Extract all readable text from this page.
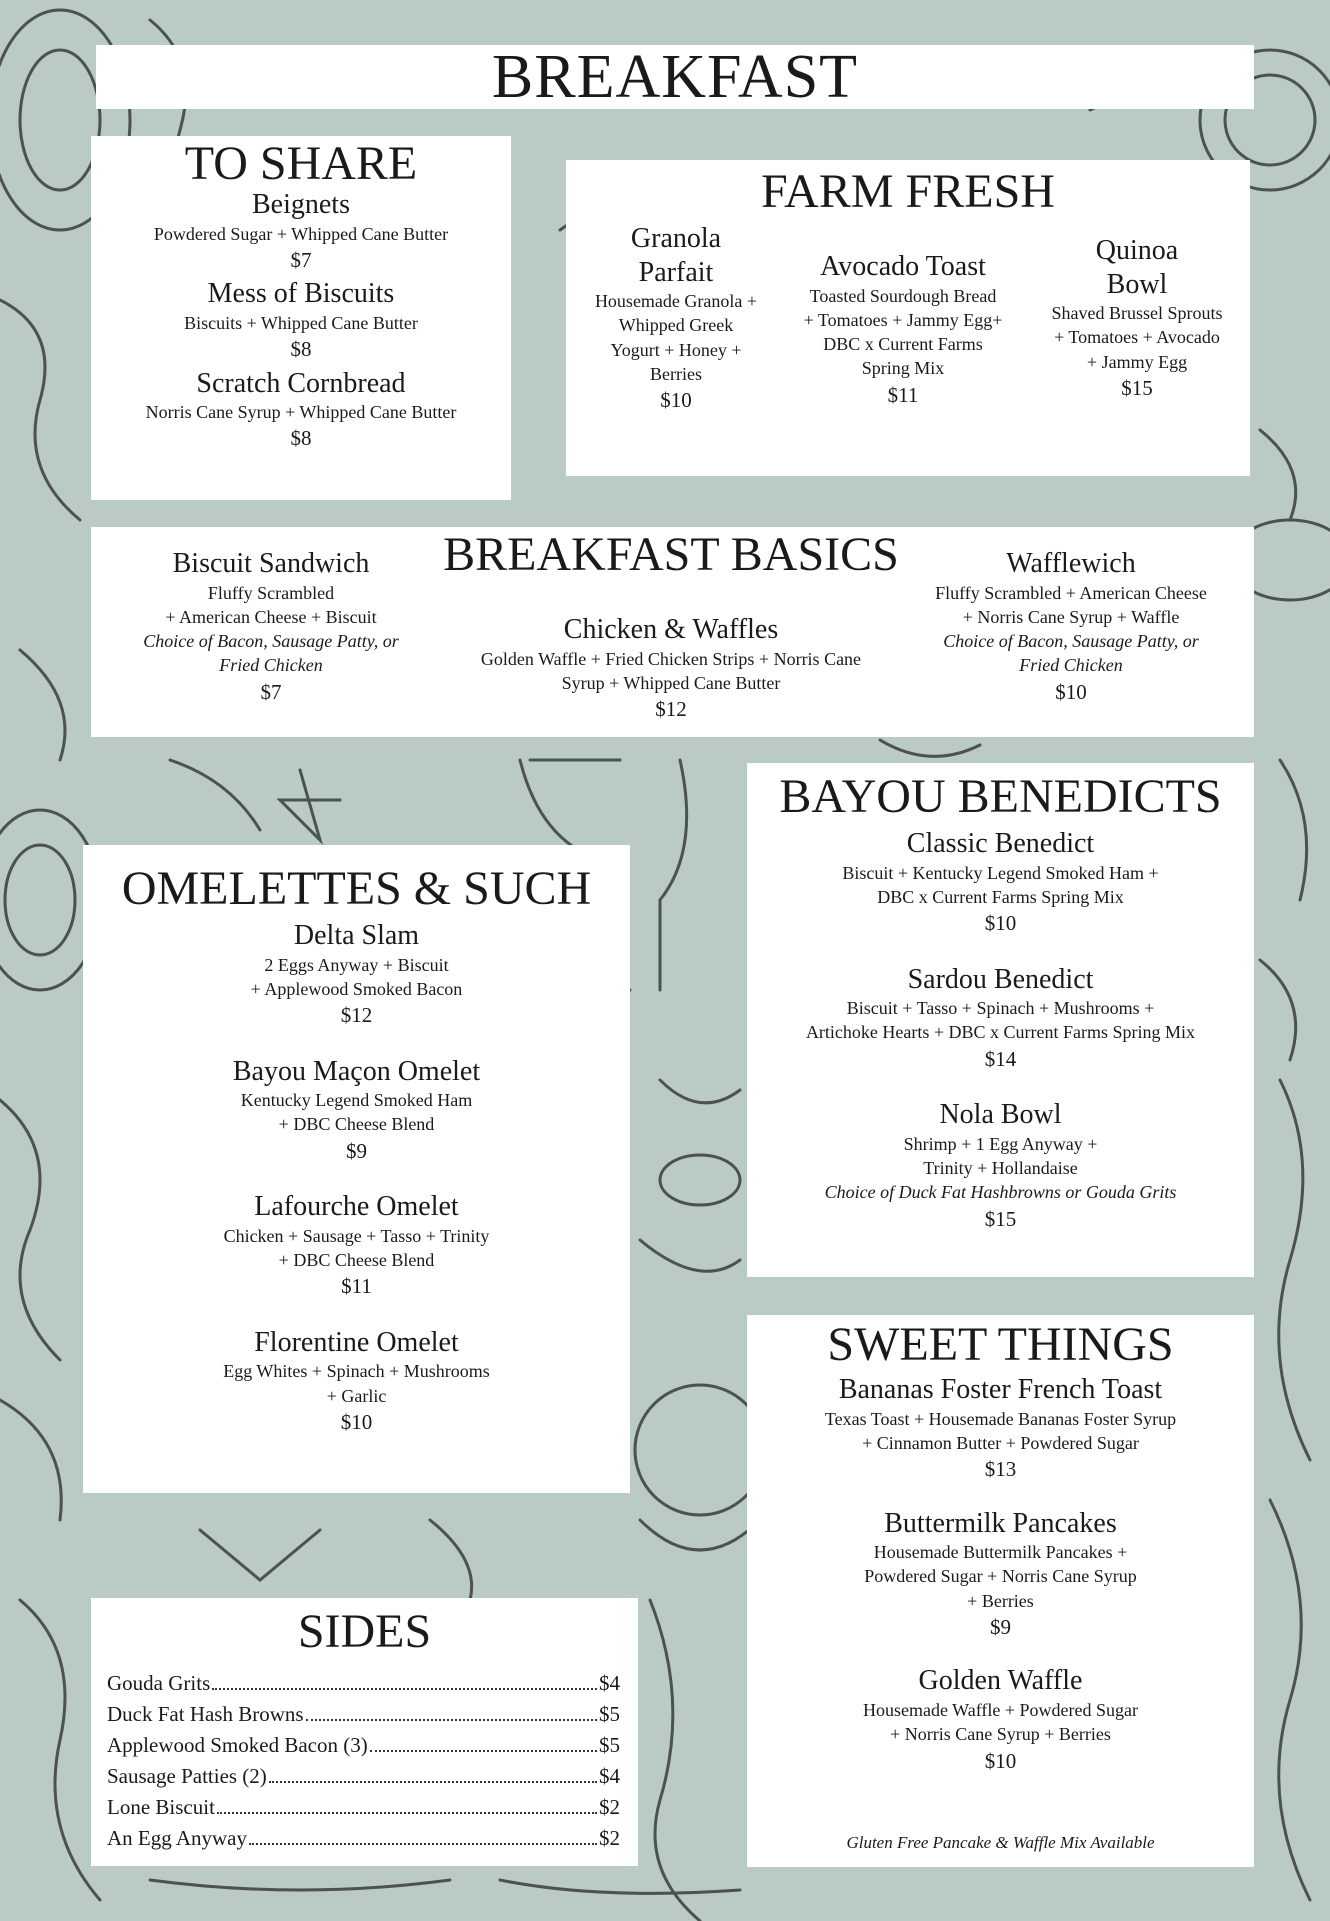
BREAKFAST
TO SHARE
Beignets
Powdered Sugar + Whipped Cane Butter
$7
Mess of Biscuits
Biscuits + Whipped Cane Butter
$8
Scratch Cornbread
Norris Cane Syrup + Whipped Cane Butter
$8
FARM FRESH
Granola
Parfait
Housemade Granola +
Whipped Greek
Yogurt + Honey +
Berries
$10
Avocado Toast
Toasted Sourdough Bread
+ Tomatoes + Jammy Egg+
DBC x Current Farms
Spring Mix
$11
Quinoa
Bowl
Shaved Brussel Sprouts
+ Tomatoes + Avocado
+ Jammy Egg
$15
BREAKFAST BASICS
Biscuit Sandwich
Fluffy Scrambled
+ American Cheese + Biscuit
Choice of Bacon, Sausage Patty, or
Fried Chicken
$7
Chicken & Waffles
Golden Waffle + Fried Chicken Strips + Norris Cane
Syrup + Whipped Cane Butter
$12
Wafflewich
Fluffy Scrambled + American Cheese
+ Norris Cane Syrup + Waffle
Choice of Bacon, Sausage Patty, or
Fried Chicken
$10
BAYOU BENEDICTS
Classic Benedict
Biscuit + Kentucky Legend Smoked Ham +
DBC x Current Farms Spring Mix
$10
Sardou Benedict
Biscuit + Tasso + Spinach + Mushrooms +
Artichoke Hearts + DBC x Current Farms Spring Mix
$14
Nola Bowl
Shrimp + 1 Egg Anyway +
Trinity + Hollandaise
Choice of Duck Fat Hashbrowns or Gouda Grits
$15
OMELETTES & SUCH
Delta Slam
2 Eggs Anyway + Biscuit
+ Applewood Smoked Bacon
$12
Bayou Maçon Omelet
Kentucky Legend Smoked Ham
+ DBC Cheese Blend
$9
Lafourche Omelet
Chicken + Sausage + Tasso + Trinity
+ DBC Cheese Blend
$11
Florentine Omelet
Egg Whites + Spinach + Mushrooms
+ Garlic
$10
SWEET THINGS
Bananas Foster French Toast
Texas Toast + Housemade Bananas Foster Syrup
+ Cinnamon Butter + Powdered Sugar
$13
Buttermilk Pancakes
Housemade Buttermilk Pancakes +
Powdered Sugar + Norris Cane Syrup
+ Berries
$9
Golden Waffle
Housemade Waffle + Powdered Sugar
+ Norris Cane Syrup + Berries
$10
Gluten Free Pancake & Waffle Mix Available
SIDES
Gouda Grits	$4
Duck Fat Hash Browns	$5
Applewood Smoked Bacon (3)	$5
Sausage Patties (2)	$4
Lone Biscuit	$2
An Egg Anyway	$2
